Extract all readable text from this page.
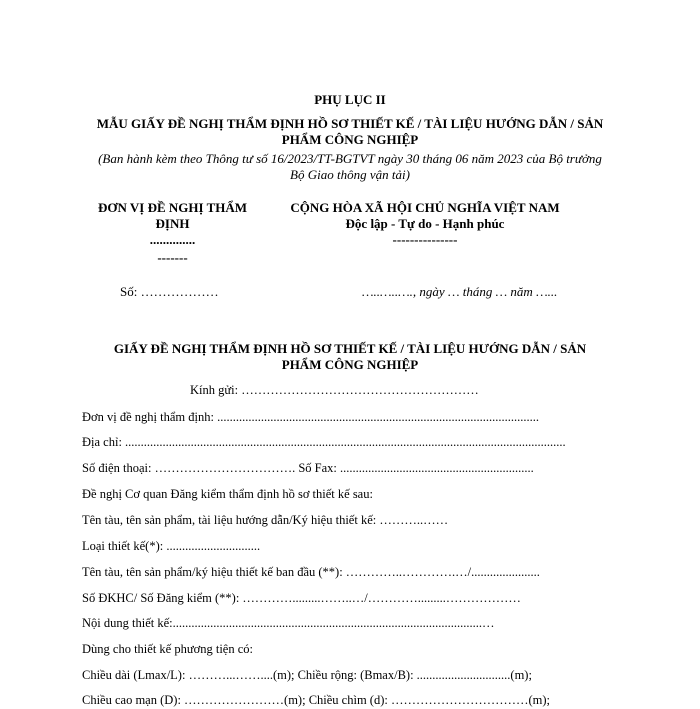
PHỤ LỤC II
MẪU GIẤY ĐỀ NGHỊ THẨM ĐỊNH HỒ SƠ THIẾT KẾ / TÀI LIỆU HƯỚNG DẪN / SẢN
PHẨM CÔNG NGHIỆP
(Ban hành kèm theo Thông tư số 16/2023/TT-BGTVT ngày 30 tháng 06 năm 2023 của Bộ trưởng
Bộ Giao thông vận tải)
ĐƠN VỊ ĐỀ NGHỊ THẨM
ĐỊNH
..............
-------
CỘNG HÒA XÃ HỘI CHỦ NGHĨA VIỆT NAM
Độc lập - Tự do - Hạnh phúc
---------------
Số: ………………	…..…..…., ngày … tháng … năm …...
GIẤY ĐỀ NGHỊ THẨM ĐỊNH HỒ SƠ THIẾT KẾ / TÀI LIỆU HƯỚNG DẪN / SẢN
PHẨM CÔNG NGHIỆP
Kính gửi: …………………………………………………
Đơn vị đề nghị thẩm định: .......................................................................................................
Địa chỉ: .............................................................................................................................................
Số điện thoại: ……………………………. Số Fax: ..............................................................
Đề nghị Cơ quan Đăng kiểm thẩm định hồ sơ thiết kế sau:
Tên tàu, tên sản phẩm, tài liệu hướng dẫn/Ký hiệu thiết kế: ………..……
Loại thiết kế(*): ..............................
Tên tàu, tên sản phẩm/ký hiệu thiết kế ban đầu (**): …………..………….…/......................
Số ĐKHC/ Số Đăng kiểm (**): ………….........……..…/………….........………………
Nội dung thiết kế:...................................................................................................…
Dùng cho thiết kế phương tiện có:
Chiều dài (Lmax/L): ………...……....(m); Chiều rộng: (Bmax/B): ..............................(m);
Chiều cao mạn (D): ……………………(m); Chiều chìm (d): ……………………………(m);
